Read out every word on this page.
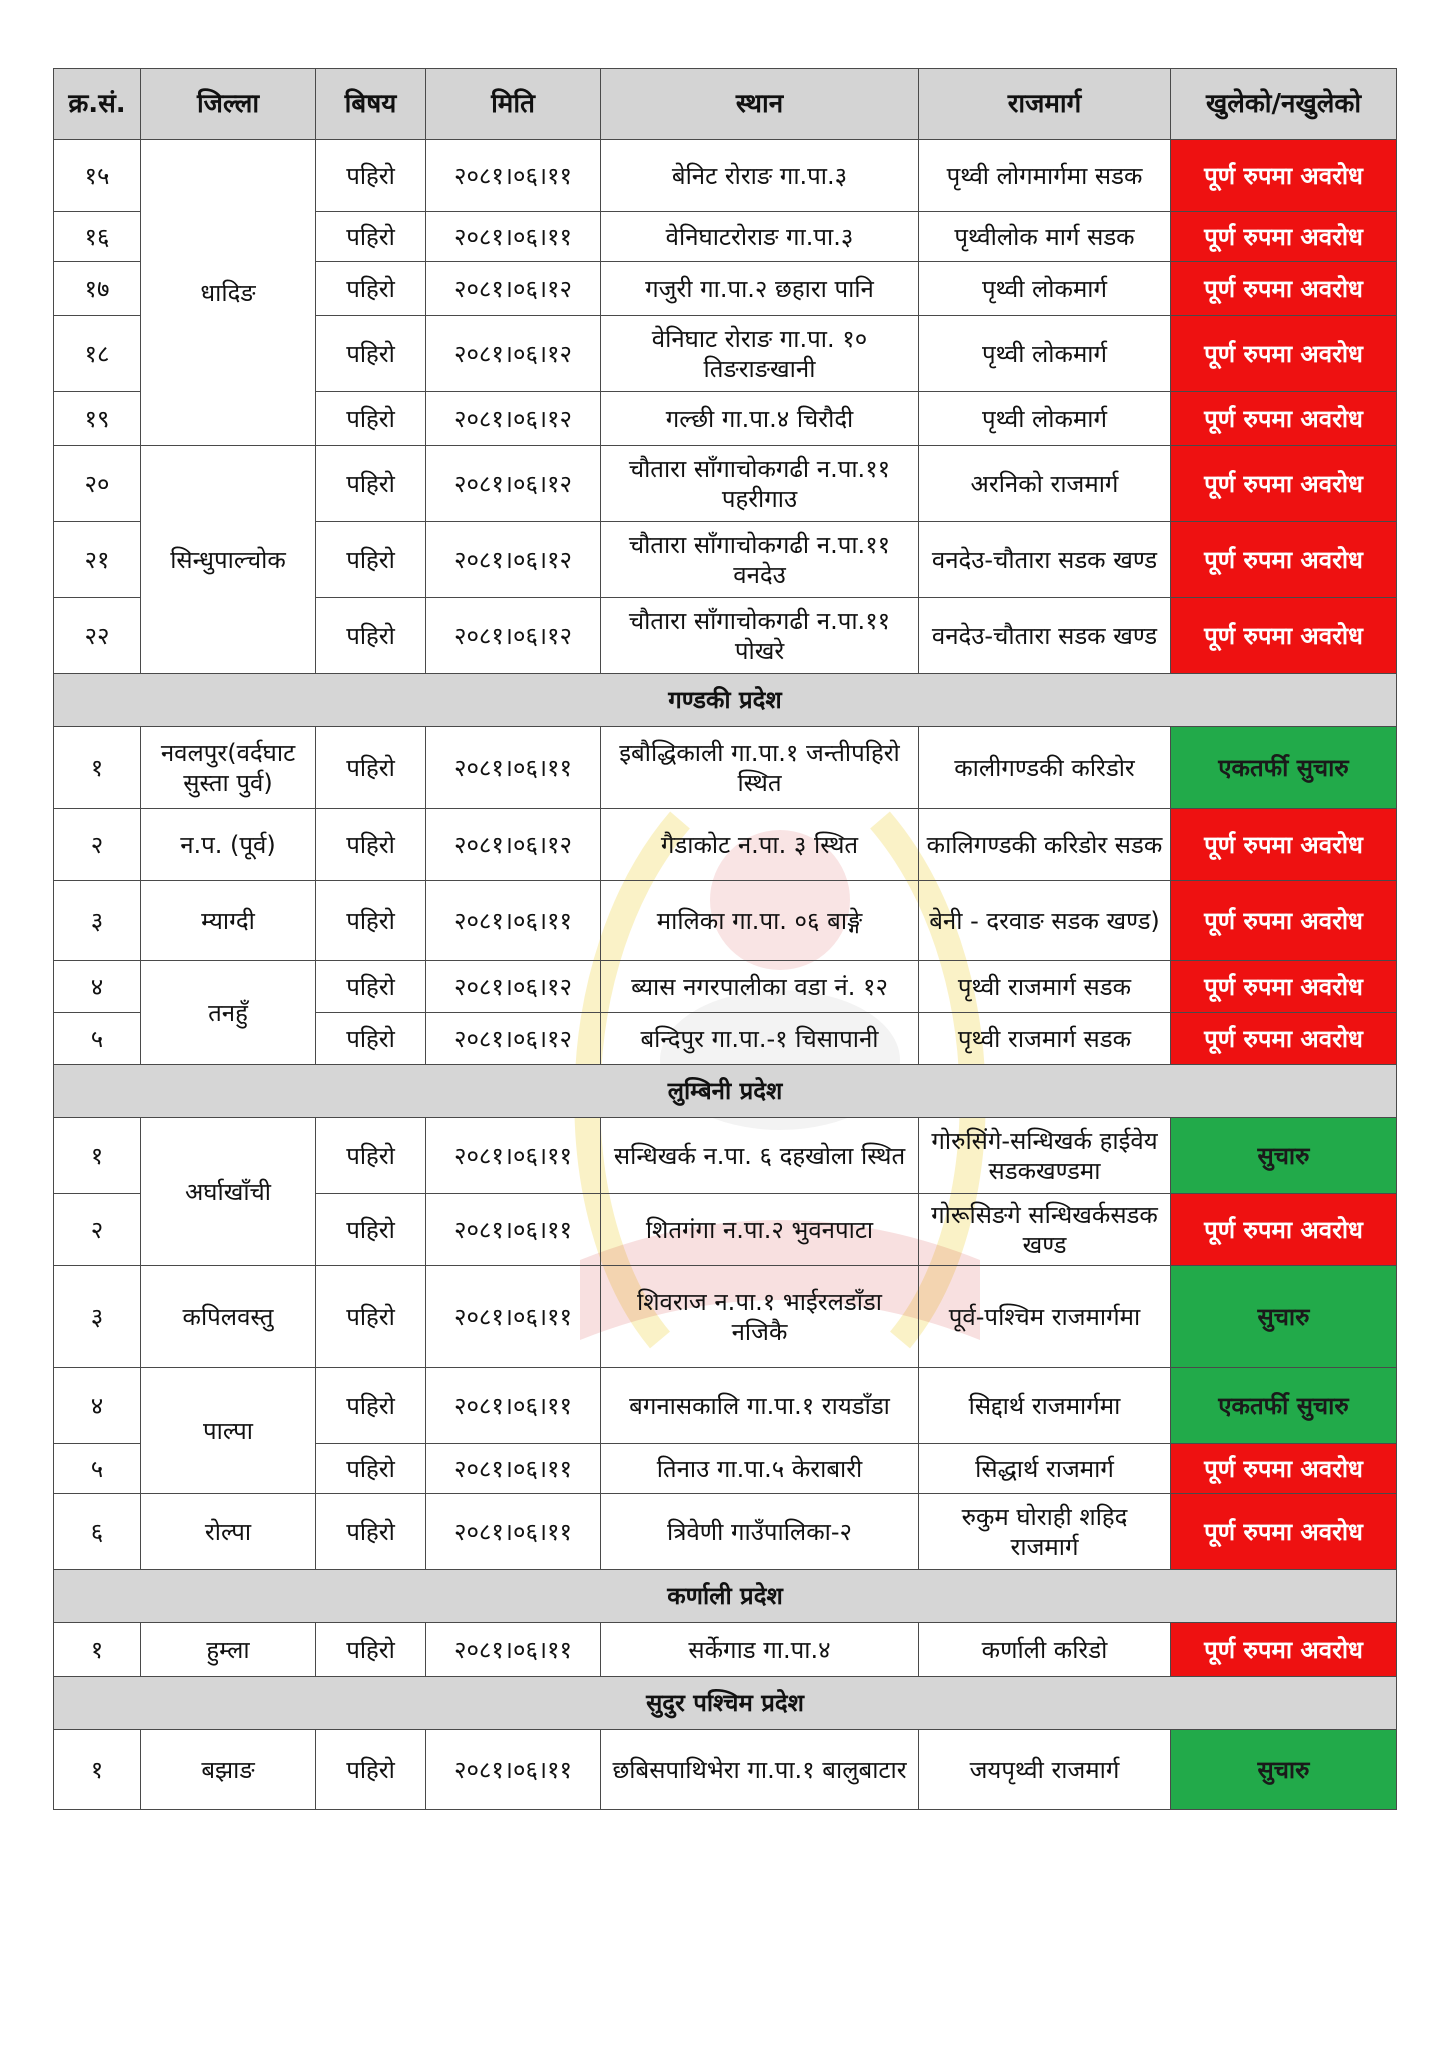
क्र.सं.	जिल्ला	बिषय	मिति	स्थान	राजमार्ग	खुलेको/नखुलेको
१५	धादिङ	पहिरो	२०८१।०६।११	बेनिट रोराङ गा.पा.३	पृथ्वी लोगमार्गमा सडक	पूर्ण रुपमा अवरोध
१६		पहिरो	२०८१।०६।११	वेनिघाटरोराङ गा.पा.३	पृथ्वीलोक मार्ग सडक	पूर्ण रुपमा अवरोध
१७		पहिरो	२०८१।०६।१२	गजुरी गा.पा.२ छहारा पानि	पृथ्वी लोकमार्ग	पूर्ण रुपमा अवरोध
१८		पहिरो	२०८१।०६।१२	वेनिघाट रोराङ गा.पा. १० तिङराङखानी	पृथ्वी लोकमार्ग	पूर्ण रुपमा अवरोध
१९		पहिरो	२०८१।०६।१२	गल्छी गा.पा.४ चिरौदी	पृथ्वी लोकमार्ग	पूर्ण रुपमा अवरोध
२०	सिन्धुपाल्चोक	पहिरो	२०८१।०६।१२	चौतारा साँगाचोकगढी न.पा.११ पहरीगाउ	अरनिको राजमार्ग	पूर्ण रुपमा अवरोध
२१		पहिरो	२०८१।०६।१२	चौतारा साँगाचोकगढी न.पा.११ वनदेउ	वनदेउ-चौतारा सडक खण्ड	पूर्ण रुपमा अवरोध
२२		पहिरो	२०८१।०६।१२	चौतारा साँगाचोकगढी न.पा.११ पोखरे	वनदेउ-चौतारा सडक खण्ड	पूर्ण रुपमा अवरोध
गण्डकी प्रदेश						
१	नवलपुर(वर्दघाट सुस्ता पुर्व)	पहिरो	२०८१।०६।११	इबौद्धिकाली गा.पा.१ जन्तीपहिरो स्थित	कालीगण्डकी करिडोर	एकतर्फी सुचारु
२	न.प. (पूर्व)	पहिरो	२०८१।०६।१२	गैडाकोट न.पा. ३ स्थित	कालिगण्डकी करिडोर सडक	पूर्ण रुपमा अवरोध
३	म्याग्दी	पहिरो	२०८१।०६।११	मालिका गा.पा. ०६ बाङ्गे	बेनी - दरवाङ सडक खण्ड)	पूर्ण रुपमा अवरोध
४	तनहुँ	पहिरो	२०८१।०६।१२	ब्यास नगरपालीका वडा नं. १२	पृथ्वी राजमार्ग सडक	पूर्ण रुपमा अवरोध
५		पहिरो	२०८१।०६।१२	बन्दिपुर गा.पा.-१ चिसापानी	पृथ्वी राजमार्ग सडक	पूर्ण रुपमा अवरोध
लुम्बिनी प्रदेश						
१	अर्घाखाँची	पहिरो	२०८१।०६।११	सन्धिखर्क न.पा. ६ दहखोला स्थित	गोरुसिंगे-सन्धिखर्क हाईवेय सडकखण्डमा	सुचारु
२		पहिरो	२०८१।०६।११	शितगंगा न.पा.२ भुवनपाटा	गोरूसिङगे सन्धिखर्कसडक खण्ड	पूर्ण रुपमा अवरोध
३	कपिलवस्तु	पहिरो	२०८१।०६।११	शिवराज न.पा.१ भाईरलडाँडा नजिकै	पूर्व-पश्चिम राजमार्गमा	सुचारु
४	पाल्पा	पहिरो	२०८१।०६।११	बगनासकालि गा.पा.१ रायडाँडा	सिद्दार्थ राजमार्गमा	एकतर्फी सुचारु
५		पहिरो	२०८१।०६।११	तिनाउ गा.पा.५ केराबारी	सिद्धार्थ राजमार्ग	पूर्ण रुपमा अवरोध
६	रोल्पा	पहिरो	२०८१।०६।११	त्रिवेणी गाउँपालिका-२	रुकुम घोराही शहिद राजमार्ग	पूर्ण रुपमा अवरोध
कर्णाली प्रदेश						
१	हुम्ला	पहिरो	२०८१।०६।११	सर्केगाड गा.पा.४	कर्णाली करिडो	पूर्ण रुपमा अवरोध
सुदुर पश्चिम प्रदेश						
१	बझाङ	पहिरो	२०८१।०६।११	छबिसपाथिभेरा गा.पा.१ बालुबाटार	जयपृथ्वी राजमार्ग	सुचारु
